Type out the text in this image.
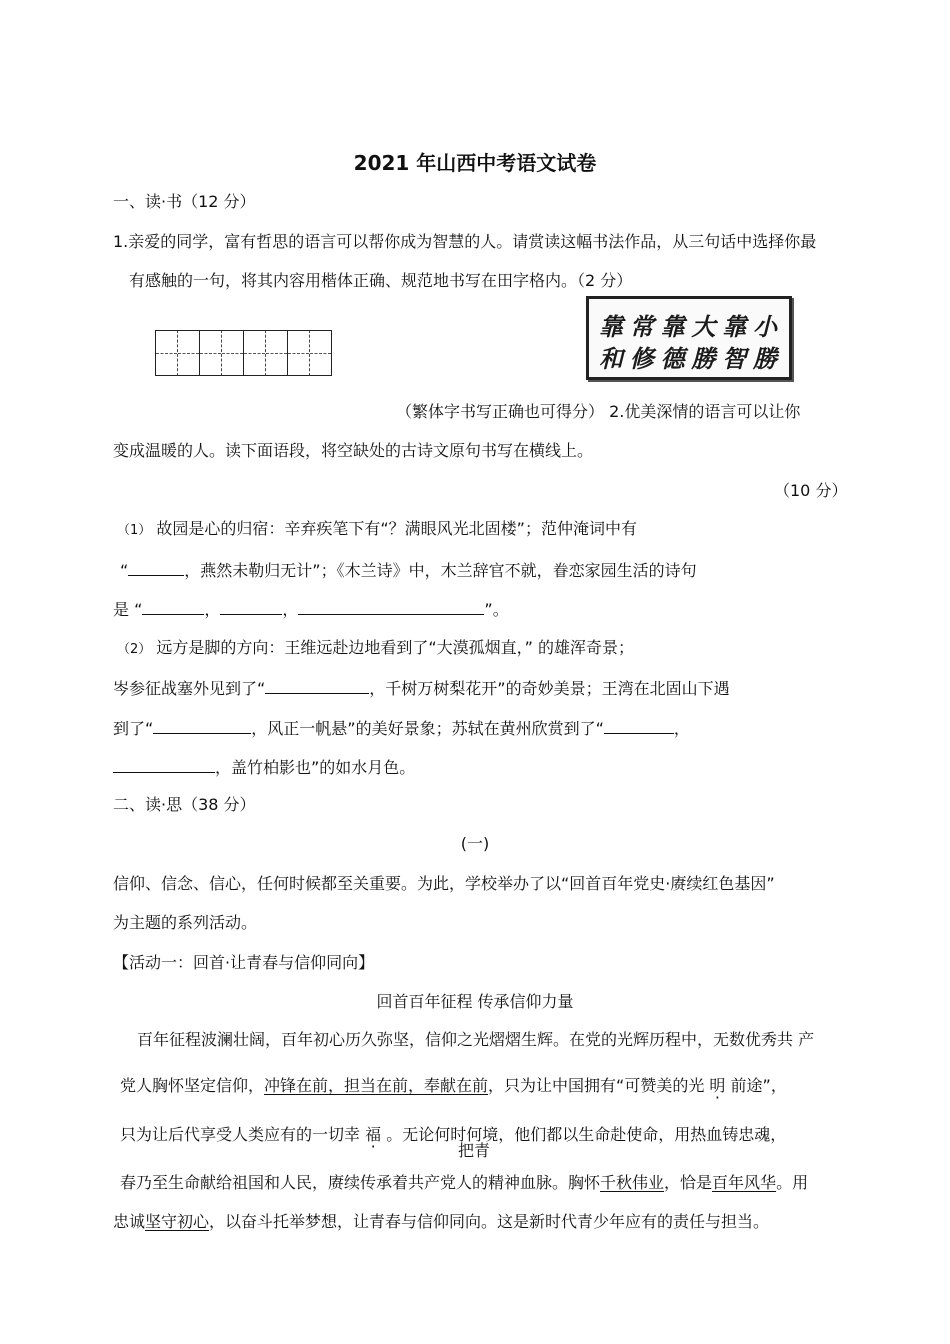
2021 年山西中考语文试卷
一、读·书（12 分）
1.亲爱的同学，富有哲思的语言可以帮你成为智慧的人。请赏读这幅书法作品，从三句话中选择你最
有感触的一句，将其内容用楷体正确、规范地书写在田字格内。（2 分）
靠 常 靠 大 靠 小
和 修 德 勝 智 勝
（繁体字书写正确也可得分） 2.优美深情的语言可以让你
变成温暖的人。读下面语段，将空缺处的古诗文原句书写在横线上。
（10 分）
（1） 故园是心的归宿：辛弃疾笔下有“？满眼风光北固楼”；范仲淹词中有
“	，燕然未勒归无计”；《木兰诗》中，木兰辞官不就，眷恋家园生活的诗句
是 “	，	，	”。
（2） 远方是脚的方向：王维远赴边地看到了“大漠孤烟直，” 的雄浑奇景；
岑参征战塞外见到了“	，千树万树梨花开”的奇妙美景；王湾在北固山下遇
到了“	，风正一帆悬”的美好景象；苏轼在黄州欣赏到了“	，
，盖竹柏影也”的如水月色。
二、读·思（38 分）
(一)
信仰、信念、信心，任何时候都至关重要。为此，学校举办了以“回首百年党史·赓续红色基因”
为主题的系列活动。
【活动一：回首·让青春与信仰同向】
回首百年征程 传承信仰力量
百年征程波澜壮阔，百年初心历久弥坚，信仰之光熠熠生辉。在党的光辉历程中，无数优秀共 产
党人胸怀坚定信仰，冲锋在前，担当在前，奉献在前，只为让中国拥有“可赞美的光 明 前途”，
只为让后代享受人类应有的一切幸 福 。无论何时何境，他们都以生命赴使命，用热血铸忠魂，
把青
春乃至生命献给祖国和人民，赓续传承着共产党人的精神血脉。胸怀千秋伟业，恰是百年风华。用
忠诚坚守初心，以奋斗托举梦想，让青春与信仰同向。这是新时代青少年应有的责任与担当。
